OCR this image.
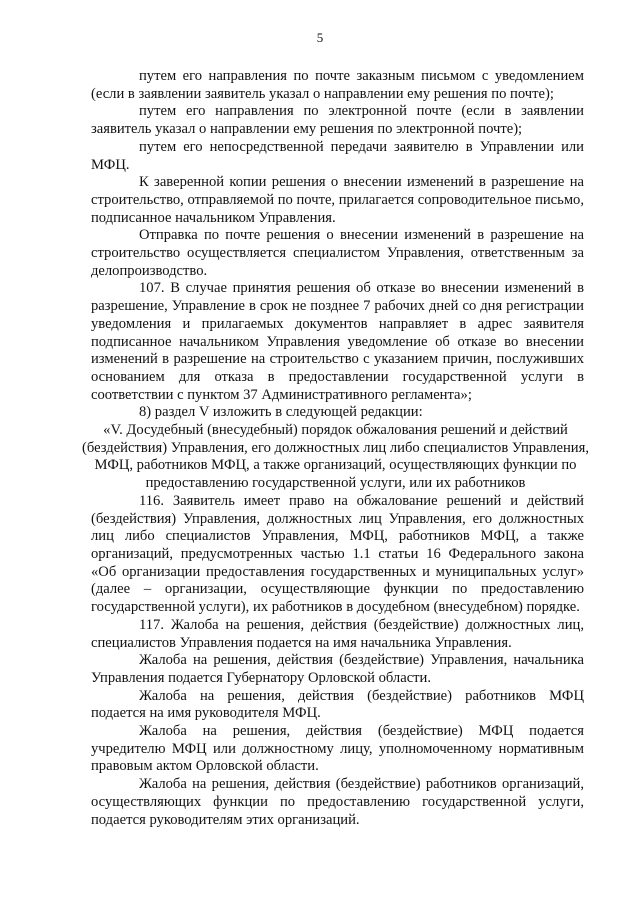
5

путем его направления по почте заказным письмом с уведомлением (если в заявлении заявитель указал о направлении ему решения по почте);

путем его направления по электронной почте (если в заявлении заявитель указал о направлении ему решения по электронной почте);

путем его непосредственной передачи заявителю в Управлении или МФЦ.

К заверенной копии решения о внесении изменений в разрешение на строительство, отправляемой по почте, прилагается сопроводительное письмо, подписанное начальником Управления.

Отправка по почте решения о внесении изменений в разрешение на строительство осуществляется специалистом Управления, ответственным за делопроизводство.

107. В случае принятия решения об отказе во внесении изменений в разрешение, Управление в срок не позднее 7 рабочих дней со дня регистрации уведомления и прилагаемых документов направляет в адрес заявителя подписанное начальником Управления уведомление об отказе во внесении изменений в разрешение на строительство с указанием причин, послуживших основанием для отказа в предоставлении государственной услуги в соответствии с пунктом 37 Административного регламента»;

8) раздел V изложить в следующей редакции:

«V. Досудебный (внесудебный) порядок обжалования решений и действий (бездействия) Управления, его должностных лиц либо специалистов Управления, МФЦ, работников МФЦ, а также организаций, осуществляющих функции по предоставлению государственной услуги, или их работников

116. Заявитель имеет право на обжалование решений и действий (бездействия) Управления, должностных лиц Управления, его должностных лиц либо специалистов Управления, МФЦ, работников МФЦ, а также организаций, предусмотренных частью 1.1 статьи 16 Федерального закона «Об организации предоставления государственных и муниципальных услуг» (далее – организации, осуществляющие функции по предоставлению государственной услуги), их работников в досудебном (внесудебном) порядке.

117. Жалоба на решения, действия (бездействие) должностных лиц, специалистов Управления подается на имя начальника Управления.

Жалоба на решения, действия (бездействие) Управления, начальника Управления подается Губернатору Орловской области.

Жалоба на решения, действия (бездействие) работников МФЦ подается на имя руководителя МФЦ.

Жалоба на решения, действия (бездействие) МФЦ подается учредителю МФЦ или должностному лицу, уполномоченному нормативным правовым актом Орловской области.

Жалоба на решения, действия (бездействие) работников организаций, осуществляющих функции по предоставлению государственной услуги, подается руководителям этих организаций.
